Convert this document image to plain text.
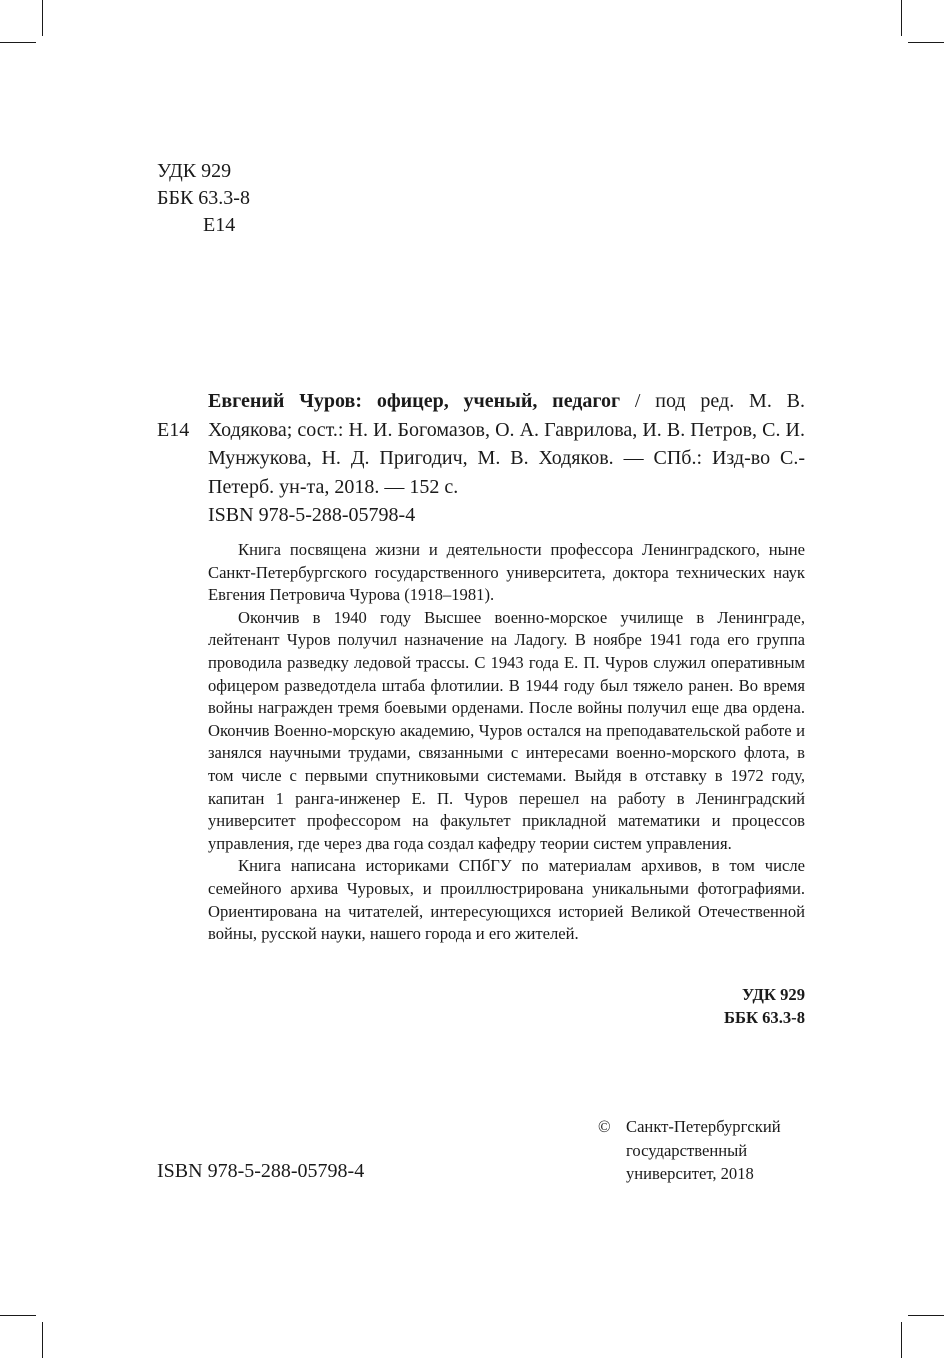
УДК 929
ББК 63.3-8
Е14
Е14
Евгений Чуров: офицер, ученый, педагог / под ред. М. В. Ходякова; сост.: Н. И. Богомазов, О. А. Гаврилова, И. В. Петров, С. И. Мунжукова, Н. Д. Пригодич, М. В. Ходяков. — СПб.: Изд-во С.-Петерб. ун-та, 2018. — 152 с.
ISBN 978-5-288-05798-4

Книга посвящена жизни и деятельности профессора Ленинградского, ныне Санкт-Петербургского государственного университета, доктора технических наук Евгения Петровича Чурова (1918–1981).

Окончив в 1940 году Высшее военно-морское училище в Ленинграде, лейтенант Чуров получил назначение на Ладогу. В ноябре 1941 года его группа проводила разведку ледовой трассы. С 1943 года Е. П. Чуров служил оперативным офицером разведотдела штаба флотилии. В 1944 году был тяжело ранен. Во время войны награжден тремя боевыми орденами. После войны получил еще два ордена. Окончив Военно-морскую академию, Чуров остался на преподавательской работе и занялся научными трудами, связанными с интересами военно-морского флота, в том числе с первыми спутниковыми системами. Выйдя в отставку в 1972 году, капитан 1 ранга-инженер Е. П. Чуров перешел на работу в Ленинградский университет профессором на факультет прикладной математики и процессов управления, где через два года создал кафедру теории систем управления.

Книга написана историками СПбГУ по материалам архивов, в том числе семейного архива Чуровых, и проиллюстрирована уникальными фотографиями. Ориентирована на читателей, интересующихся историей Великой Отечественной войны, русской науки, нашего города и его жителей.

УДК 929
ББК 63.3-8
ISBN 978-5-288-05798-4
© Санкт-Петербургский государственный университет, 2018
